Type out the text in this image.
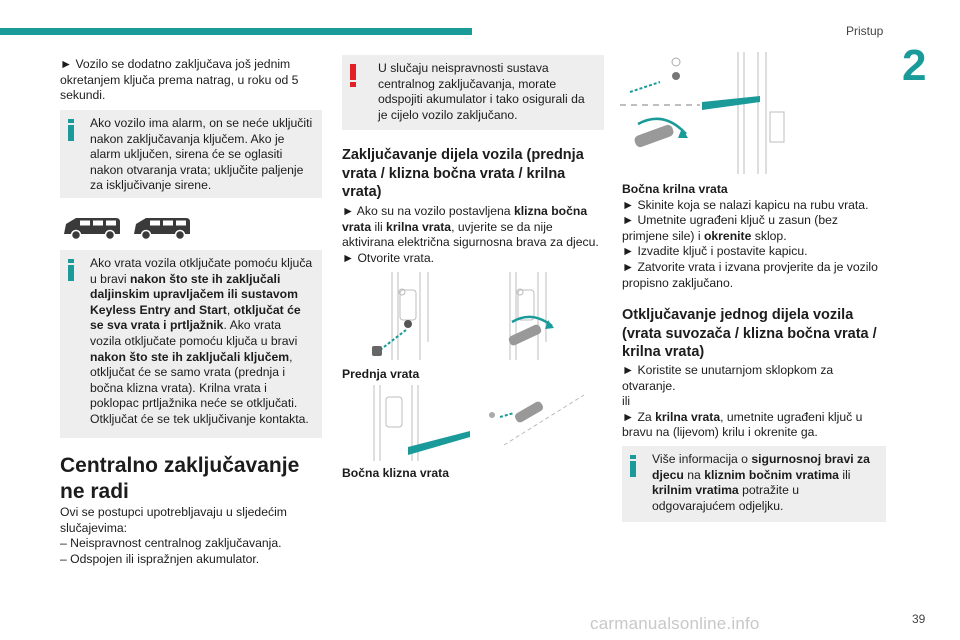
Pristup
2

► Vozilo se dodatno zaključava još jednim okretanjem ključa prema natrag, u roku od 5 sekundi.

Ako vozilo ima alarm, on se neće uključiti nakon zaključavanja ključem. Ako je alarm uključen, sirena će se oglasiti nakon otvaranja vrata; uključite paljenje za isključivanje sirene.

Ako vrata vozila otključate pomoću ključa u bravi nakon što ste ih zaključali daljinskim upravljačem ili sustavom Keyless Entry and Start, otključat će se sva vrata i prtljažnik. Ako vrata vozila otključate pomoću ključa u bravi nakon što ste ih zaključali ključem, otključat će se samo vrata (prednja i bočna klizna vrata). Krilna vrata i poklopac prtljažnika neće se otključati. Otključat će se tek uključivanje kontakta.

Centralno zaključavanje ne radi

Ovi se postupci upotrebljavaju u sljedećim slučajevima:

– Neispravnost centralnog zaključavanja.

– Odspojen ili ispražnjen akumulator.

U slučaju neispravnosti sustava centralnog zaključavanja, morate odspojiti akumulator i tako osigurali da je cijelo vozilo zaključano.

Zaključavanje dijela vozila (prednja vrata / klizna bočna vrata / krilna vrata)

► Ako su na vozilo postavljena klizna bočna vrata ili krilna vrata, uvjerite se da nije aktivirana električna sigurnosna brava za djecu.

► Otvorite vrata.

Prednja vrata
Bočna klizna vrata

Bočna krilna vrata

► Skinite koja se nalazi kapicu na rubu vrata.

► Umetnite ugrađeni ključ u zasun (bez primjene sile) i okrenite sklop.

► Izvadite ključ i postavite kapicu.

► Zatvorite vrata i izvana provjerite da je vozilo propisno zaključano.

Otključavanje jednog dijela vozila (vrata suvozača / klizna bočna vrata / krilna vrata)

► Koristite se unutarnjom sklopkom za otvaranje.

ili

► Za krilna vrata, umetnite ugrađeni ključ u bravu na (lijevom) krilu i okrenite ga.

Više informacija o sigurnosnoj bravi za djecu na kliznim bočnim vratima ili krilnim vratima potražite u odgovarajućem odjeljku.

carmanualsonline.info	39
